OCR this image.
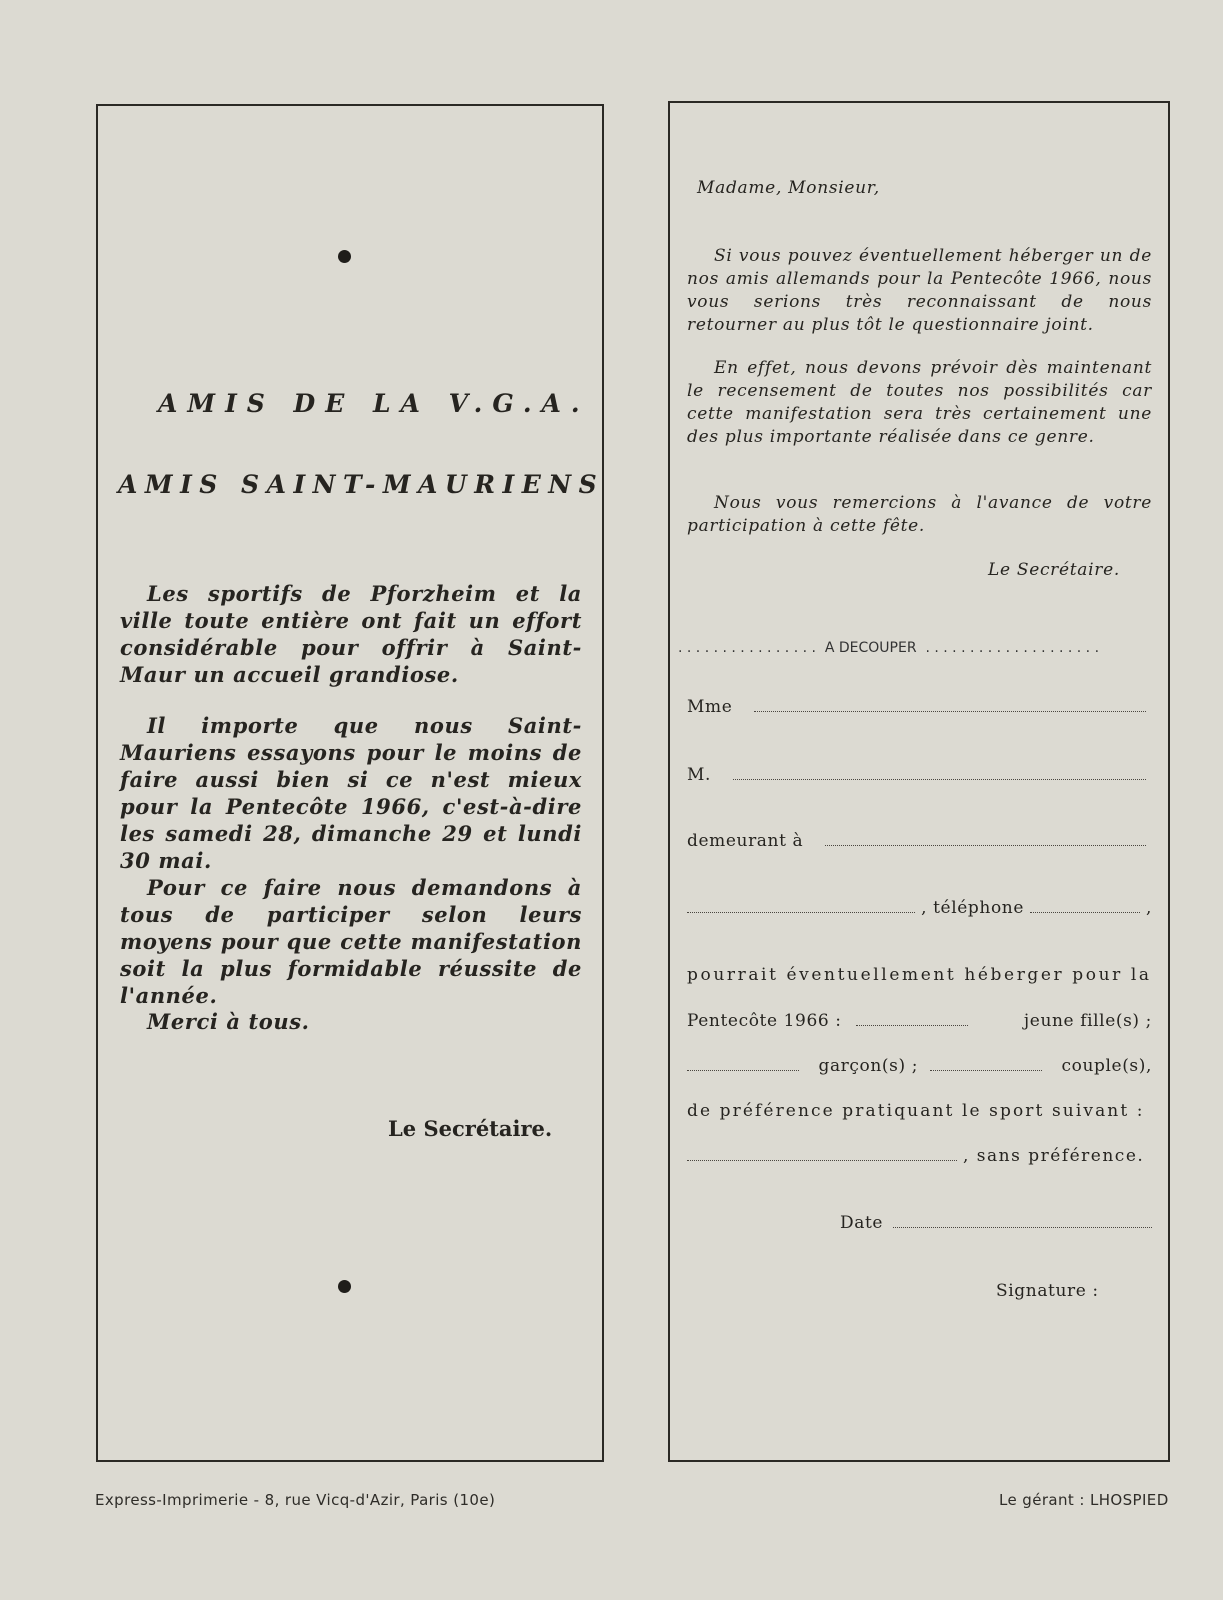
AMIS DE LA V.G.A.
AMIS SAINT-MAURIENS
Les sportifs de Pforzheim et la ville toute entière ont fait un effort considérable pour offrir à Saint-Maur un accueil grandiose.
Il importe que nous Saint-Mauriens essayons pour le moins de faire aussi bien si ce n'est mieux pour la Pentecôte 1966, c'est-à-dire les samedi 28, dimanche 29 et lundi 30 mai.
Pour ce faire nous demandons à tous de participer selon leurs moyens pour que cette manifestation soit la plus formidable réussite de l'année.
Merci à tous.
Le Secrétaire.
Madame, Monsieur,
Si vous pouvez éventuellement héberger un de nos amis allemands pour la Pentecôte 1966, nous vous serions très reconnaissant de nous retourner au plus tôt le questionnaire joint.
En effet, nous devons prévoir dès maintenant le recensement de toutes nos possibilités car cette manifestation sera très certainement une des plus importante réalisée dans ce genre.
Nous vous remercions à l'avance de votre participation à cette fête.
Le Secrétaire.
. . . . . . . . . . . . . . . .  A DECOUPER  . . . . . . . . . . . . . . . . . . . .
Mme
M.
demeurant à
, téléphone	,
pourrait éventuellement héberger pour la
Pentecôte 1966 :	jeune fille(s) ;
garçon(s) ;	couple(s),
de préférence pratiquant le sport suivant :
, sans préférence.
Date
Signature :
Express-Imprimerie - 8, rue Vicq-d'Azir, Paris (10e)	Le gérant : LHOSPIED
